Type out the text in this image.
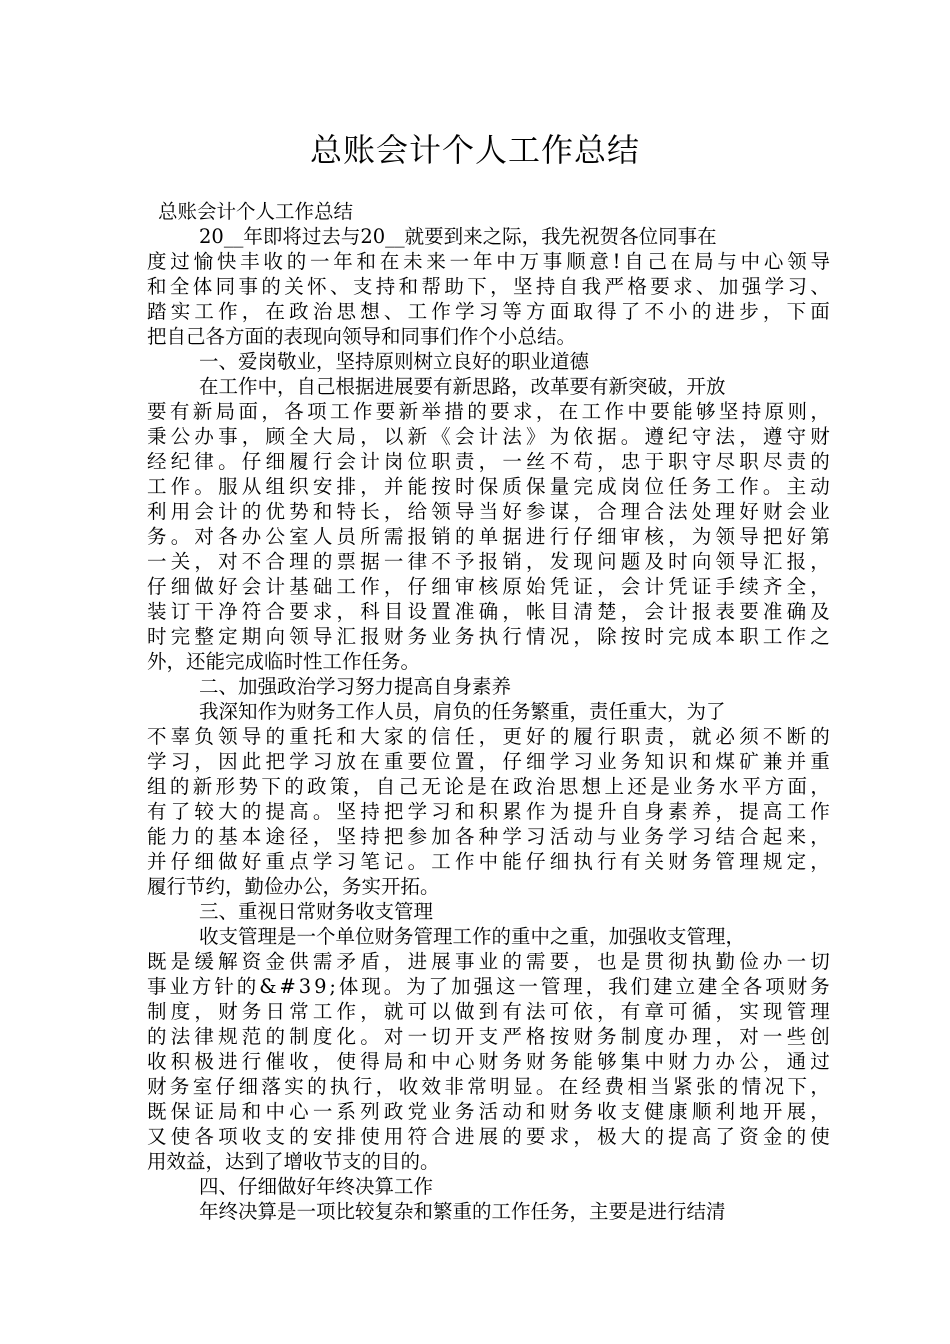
总账会计个人工作总结
总账会计个人工作总结
20__年即将过去与20__就要到来之际，我先祝贺各位同事在
度 过 愉 快 丰 收 的 一 年 和 在 未 来 一 年 中 万 事 顺 意 ! 自 己 在 局 与 中 心 领 导
和 全 体 同 事 的 关 怀 、 支 持 和 帮 助 下 ， 坚 持 自 我 严 格 要 求 、 加 强 学 习 、
踏 实 工 作 ， 在 政 治 思 想 、 工 作 学 习 等 方 面 取 得 了 不 小 的 进 步 ， 下 面
把自己各方面的表现向领导和同事们作个小总结。
一、爱岗敬业，坚持原则树立良好的职业道德
在工作中，自己根据进展要有新思路，改革要有新突破，开放
要 有 新 局 面 ， 各 项 工 作 要 新 举 措 的 要 求 ， 在 工 作 中 要 能 够 坚 持 原 则 ，
秉 公 办 事 ， 顾 全 大 局 ， 以 新 《 会 计 法 》 为 依 据 。 遵 纪 守 法 ， 遵 守 财
经 纪 律 。 仔 细 履 行 会 计 岗 位 职 责 ， 一 丝 不 苟 ， 忠 于 职 守 尽 职 尽 责 的
工 作 。 服 从 组 织 安 排 ， 并 能 按 时 保 质 保 量 完 成 岗 位 任 务 工 作 。 主 动
利 用 会 计 的 优 势 和 特 长 ， 给 领 导 当 好 参 谋 ， 合 理 合 法 处 理 好 财 会 业
务 。 对 各 办 公 室 人 员 所 需 报 销 的 单 据 进 行 仔 细 审 核 ， 为 领 导 把 好 第
一 关 ， 对 不 合 理 的 票 据 一 律 不 予 报 销 ， 发 现 问 题 及 时 向 领 导 汇 报 ，
仔 细 做 好 会 计 基 础 工 作 ， 仔 细 审 核 原 始 凭 证 ， 会 计 凭 证 手 续 齐 全 ，
装 订 干 净 符 合 要 求 ， 科 目 设 置 准 确 ， 帐 目 清 楚 ， 会 计 报 表 要 准 确 及
时 完 整 定 期 向 领 导 汇 报 财 务 业 务 执 行 情 况 ， 除 按 时 完 成 本 职 工 作 之
外，还能完成临时性工作任务。
二、加强政治学习努力提高自身素养
我深知作为财务工作人员，肩负的任务繁重，责任重大，为了
不 辜 负 领 导 的 重 托 和 大 家 的 信 任 ， 更 好 的 履 行 职 责 ， 就 必 须 不 断 的
学 习 ， 因 此 把 学 习 放 在 重 要 位 置 ， 仔 细 学 习 业 务 知 识 和 煤 矿 兼 并 重
组 的 新 形 势 下 的 政 策 ， 自 己 无 论 是 在 政 治 思 想 上 还 是 业 务 水 平 方 面 ，
有 了 较 大 的 提 高 。 坚 持 把 学 习 和 积 累 作 为 提 升 自 身 素 养 ， 提 高 工 作
能 力 的 基 本 途 径 ， 坚 持 把 参 加 各 种 学 习 活 动 与 业 务 学 习 结 合 起 来 ，
并 仔 细 做 好 重 点 学 习 笔 记 。 工 作 中 能 仔 细 执 行 有 关 财 务 管 理 规 定 ，
履行节约，勤俭办公，务实开拓。
三、重视日常财务收支管理
收支管理是一个单位财务管理工作的重中之重，加强收支管理，
既 是 缓 解 资 金 供 需 矛 盾 ， 进 展 事 业 的 需 要 ， 也 是 贯 彻 执 勤 俭 办 一 切
事 业 方 针 的 & # 3 9 ; 体 现 。 为 了 加 强 这 一 管 理 ， 我 们 建 立 建 全 各 项 财 务
制 度 ， 财 务 日 常 工 作 ， 就 可 以 做 到 有 法 可 依 ， 有 章 可 循 ， 实 现 管 理
的 法 律 规 范 的 制 度 化 。 对 一 切 开 支 严 格 按 财 务 制 度 办 理 ， 对 一 些 创
收 积 极 进 行 催 收 ， 使 得 局 和 中 心 财 务 财 务 能 够 集 中 财 力 办 公 ， 通 过
财 务 室 仔 细 落 实 的 执 行 ， 收 效 非 常 明 显 。 在 经 费 相 当 紧 张 的 情 况 下 ，
既 保 证 局 和 中 心 一 系 列 政 党 业 务 活 动 和 财 务 收 支 健 康 顺 利 地 开 展 ，
又 使 各 项 收 支 的 安 排 使 用 符 合 进 展 的 要 求 ， 极 大 的 提 高 了 资 金 的 使
用效益，达到了增收节支的目的。
四、仔细做好年终决算工作
年终决算是一项比较复杂和繁重的工作任务，主要是进行结清
